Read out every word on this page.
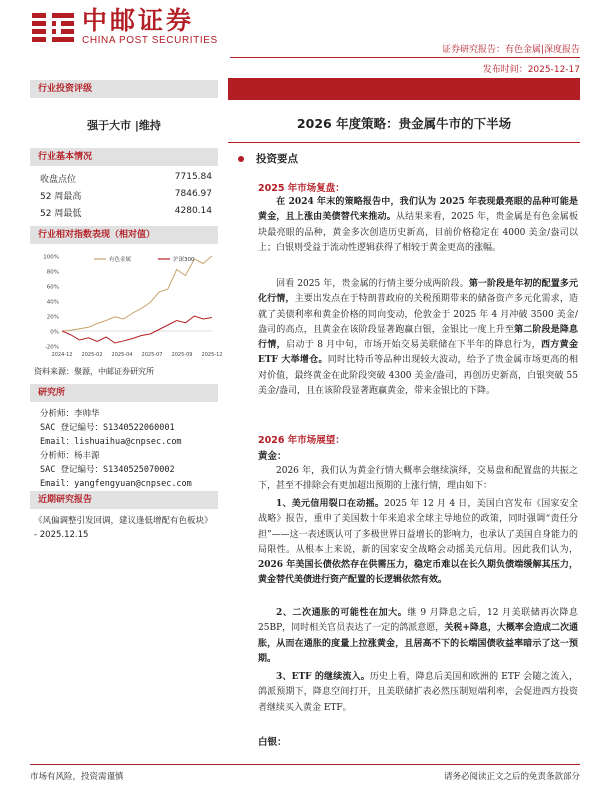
中邮证券
CHINA POST SECURITIES
证券研究报告：有色金属|深度报告
发布时间：2025-12-17
行业投资评级
强于大市 |维持
行业基本情况
收盘点位	7715.84
52 周最高	7846.97
52 周最低	4280.14
行业相对指数表现（相对值）
100%
80%
60%
40%
20%
0%
-20%
2024-12 2025-02 2025-04 2025-07 2025-09 2025-12
有色金属	沪深300
资料来源：聚源，中邮证券研究所
研究所
分析师：李帅华
SAC 登记编号：S1340522060001
Email：lishuaihua@cnpsec.com
分析师：杨丰源
SAC 登记编号：S1340525070002
Email：yangfengyuan@cnpsec.com
近期研究报告
《风偏调整引发回调，建议逢低增配有色板块》 - 2025.12.15
2026 年度策略：贵金属牛市的下半场
投资要点
2025 年市场复盘：

  在 2024 年末的策略报告中，我们认为 2025 年表现最亮眼的品种可能是黄金，且上涨由美债替代来推动。从结果来看，2025 年，贵金属是有色金属板块最亮眼的品种，黄金多次创造历史新高，目前价格稳定在 4000 美金/盎司以上；白银则受益于流动性逻辑获得了相较于黄金更高的涨幅。

  回看 2025 年，贵金属的行情主要分成两阶段。第一阶段是年初的配置多元化行情，主要出发点在于特朗普政府的关税预期带来的储备资产多元化需求，造就了美债利率和黄金价格的同向变动，伦敦金于 2025 年 4 月冲破 3500 美金/盎司的高点，且黄金在该阶段显著跑赢白银，金银比一度上升至第二阶段是降息行情，启动于 8 月中旬，市场开始交易美联储在下半年的降息行为，西方黄金 ETF 大举增仓。同时比特币等品种出现较大波动，给予了贵金属市场更高的相对价值，最终黄金在此阶段突破 4300 美金/盎司，再创历史新高，白银突破 55 美金/盎司，且在该阶段显著跑赢黄金，带来金银比的下降。

2026 年市场展望：
黄金：

  2026 年，我们认为黄金行情大概率会继续演绎，交易盘和配置盘的共振之下，甚至不排除会有更加超出预期的上涨行情，理由如下：

  1、美元信用裂口在动摇。2025 年 12 月 4 日，美国白宫发布《国家安全战略》报告，重申了美国数十年来追求全球主导地位的政策，同时强调“责任分担”——这一表述既认可了多极世界日益增长的影响力，也承认了美国自身能力的局限性。从根本上来说，新的国家安全战略会动摇美元信用。因此我们认为，2026 年美国长债依然存在供需压力，稳定币难以在长久期负债端缓解其压力，黄金替代美债进行资产配置的长逻辑依然有效。

  2、二次通胀的可能性在加大。继 9 月降息之后，12 月美联储再次降息 25BP，同时相关官员表达了一定的鸽派意愿，关税+降息，大概率会造成二次通胀，从而在通胀的度量上拉涨黄金，且居高不下的长端国债收益率暗示了这一预期。

  3、ETF 的继续流入。历史上看，降息后美国和欧洲的 ETF 会随之流入，鸽派预期下，降息空间打开，且美联储扩表必然压制短端利率，会促进西方投资者继续买入黄金 ETF。

白银：
市场有风险，投资需谨慎	请务必阅读正文之后的免责条款部分
